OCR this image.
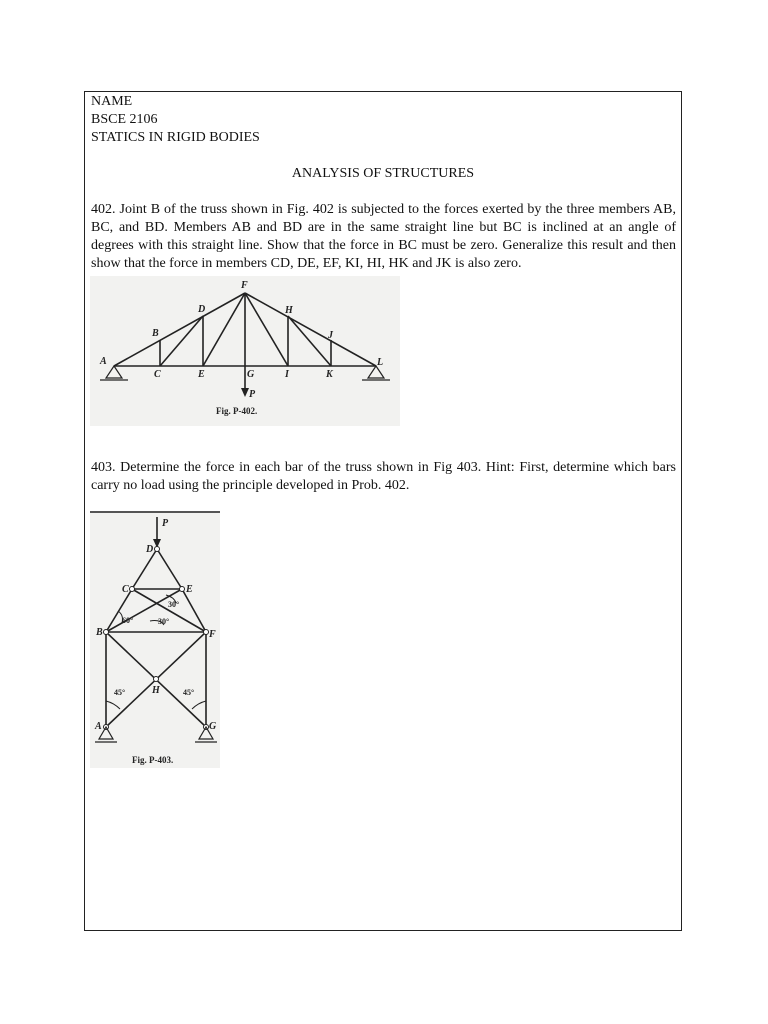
NAME
BSCE 2106
STATICS IN RIGID BODIES
ANALYSIS OF STRUCTURES
402. Joint B of the truss shown in Fig. 402 is subjected to the forces exerted by the three members AB, BC, and BD. Members AB and BD are in the same straight line but BC is inclined at an angle of degrees with this straight line. Show that the force in BC must be zero. Generalize this result and then show that the force in members CD, DE, EF, KI, HI, HK and JK is also zero.
A
B
C
D
E
F
G
H
I
J
K
L
P
Fig. P-402.
403. Determine the force in each bar of the truss shown in Fig 403. Hint: First, determine which bars carry no load using the principle developed in Prob. 402.
P
D
C	E
B	F
H
A	G
60°	30°
30°
45°	45°
Fig. P-403.
